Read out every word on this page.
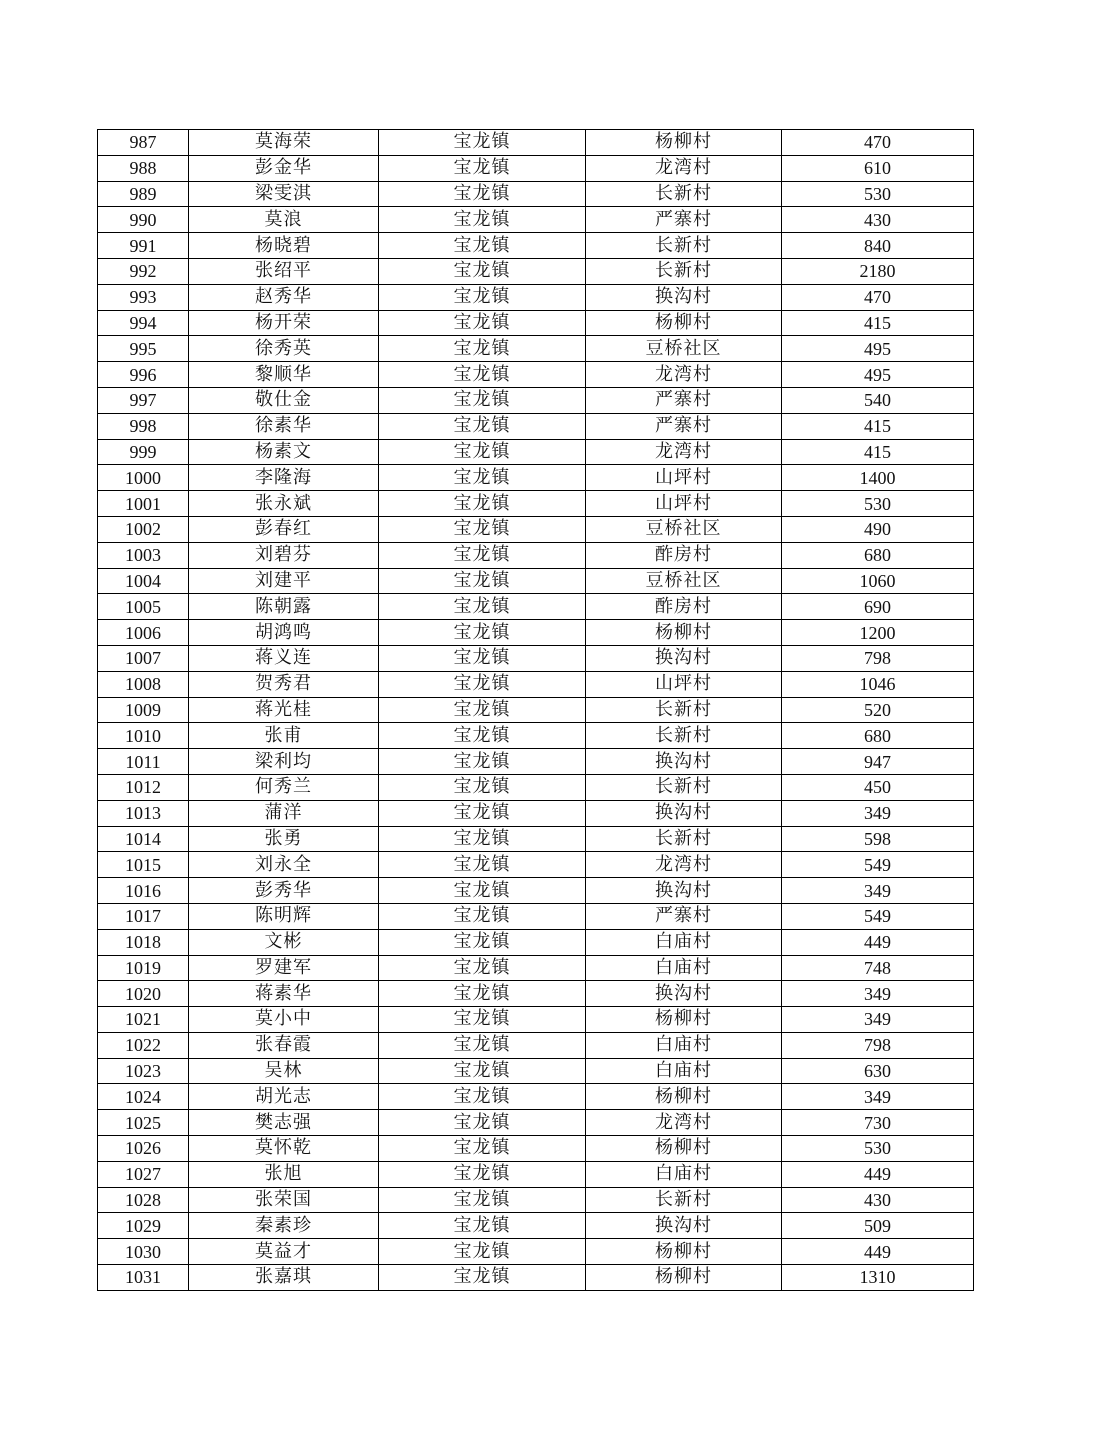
987	莫海荣	宝龙镇	杨柳村	470
988	彭金华	宝龙镇	龙湾村	610
989	梁雯淇	宝龙镇	长新村	530
990	莫浪	宝龙镇	严寨村	430
991	杨晓碧	宝龙镇	长新村	840
992	张绍平	宝龙镇	长新村	2180
993	赵秀华	宝龙镇	换沟村	470
994	杨开荣	宝龙镇	杨柳村	415
995	徐秀英	宝龙镇	豆桥社区	495
996	黎顺华	宝龙镇	龙湾村	495
997	敬仕金	宝龙镇	严寨村	540
998	徐素华	宝龙镇	严寨村	415
999	杨素文	宝龙镇	龙湾村	415
1000	李隆海	宝龙镇	山坪村	1400
1001	张永斌	宝龙镇	山坪村	530
1002	彭春红	宝龙镇	豆桥社区	490
1003	刘碧芬	宝龙镇	酢房村	680
1004	刘建平	宝龙镇	豆桥社区	1060
1005	陈朝露	宝龙镇	酢房村	690
1006	胡鸿鸣	宝龙镇	杨柳村	1200
1007	蒋义连	宝龙镇	换沟村	798
1008	贺秀君	宝龙镇	山坪村	1046
1009	蒋光桂	宝龙镇	长新村	520
1010	张甫	宝龙镇	长新村	680
1011	梁利均	宝龙镇	换沟村	947
1012	何秀兰	宝龙镇	长新村	450
1013	蒲洋	宝龙镇	换沟村	349
1014	张勇	宝龙镇	长新村	598
1015	刘永全	宝龙镇	龙湾村	549
1016	彭秀华	宝龙镇	换沟村	349
1017	陈明辉	宝龙镇	严寨村	549
1018	文彬	宝龙镇	白庙村	449
1019	罗建军	宝龙镇	白庙村	748
1020	蒋素华	宝龙镇	换沟村	349
1021	莫小中	宝龙镇	杨柳村	349
1022	张春霞	宝龙镇	白庙村	798
1023	吴林	宝龙镇	白庙村	630
1024	胡光志	宝龙镇	杨柳村	349
1025	樊志强	宝龙镇	龙湾村	730
1026	莫怀乾	宝龙镇	杨柳村	530
1027	张旭	宝龙镇	白庙村	449
1028	张荣国	宝龙镇	长新村	430
1029	秦素珍	宝龙镇	换沟村	509
1030	莫益才	宝龙镇	杨柳村	449
1031	张嘉琪	宝龙镇	杨柳村	1310
